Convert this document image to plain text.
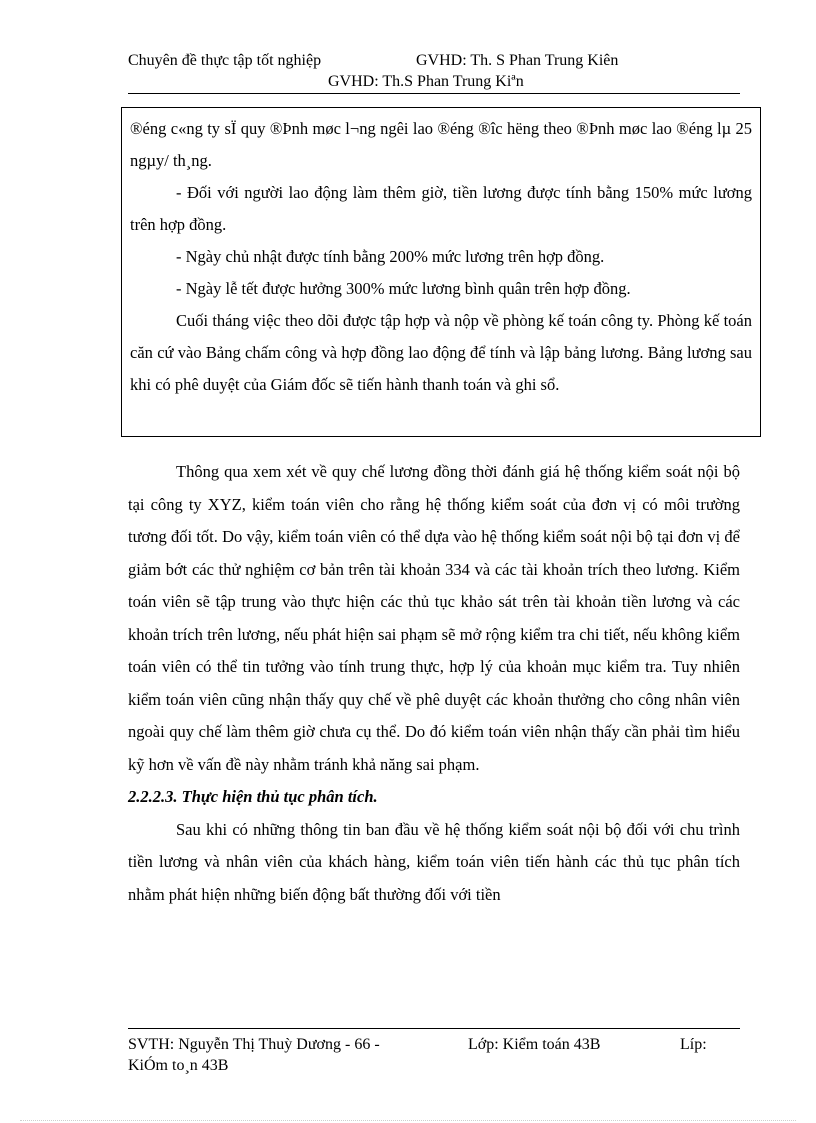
Chuyên đề thực tập tốt nghiệp	GVHD: Th. S Phan Trung Kiên
GVHD: Th.S Phan Trung Kiªn

®éng c«ng ty sÏ quy ®Þnh møc l¬ng ngêi lao ®éng ®îc hëng theo ®Þnh møc lao ®éng lµ 25 ngµy/ th¸ng.

- Đối với người lao động làm thêm giờ, tiền lương được tính bằng 150% mức lương trên hợp đồng.

- Ngày chủ nhật được tính bằng 200% mức lương trên hợp đồng.

- Ngày lễ tết được hưởng 300% mức lương bình quân trên hợp đồng.

Cuối tháng việc theo dõi được tập hợp và nộp về phòng kế toán công ty. Phòng kế toán căn cứ vào Bảng chấm công và hợp đồng lao động để tính và lập bảng lương. Bảng lương sau khi có phê duyệt của Giám đốc sẽ tiến hành thanh toán và ghi sổ.

Thông qua xem xét về quy chế lương đồng thời đánh giá hệ thống kiểm soát nội bộ tại công ty XYZ, kiểm toán viên cho rằng hệ thống kiểm soát của đơn vị có môi trường tương đối tốt. Do vậy, kiểm toán viên có thể dựa vào hệ thống kiểm soát nội bộ tại đơn vị để giảm bớt các thử nghiệm cơ bản trên tài khoản 334 và các tài khoản trích theo lương. Kiểm toán viên sẽ tập trung vào thực hiện các thủ tục khảo sát trên tài khoản tiền lương và các khoản trích trên lương, nếu phát hiện sai phạm sẽ mở rộng kiểm tra chi tiết, nếu không kiểm toán viên có thể tin tưởng vào tính trung thực, hợp lý của khoản mục kiểm tra. Tuy nhiên kiểm toán viên cũng nhận thấy quy chế về phê duyệt các khoản thưởng cho công nhân viên ngoài quy chế làm thêm giờ chưa cụ thể. Do đó kiểm toán viên nhận thấy cần phải tìm hiểu kỹ hơn về vấn đề này nhằm tránh khả năng sai phạm.

2.2.2.3. Thực hiện thủ tục phân tích.

Sau khi có những thông tin ban đầu về hệ thống kiểm soát nội bộ đối với chu trình tiền lương và nhân viên của khách hàng, kiểm toán viên tiến hành các thủ tục phân tích nhằm phát hiện những biến động bất thường đối với tiền

SVTH: Nguyễn Thị Thuỳ Dương - 66 -	Lớp: Kiểm toán 43B	Líp:
KiÓm to¸n 43B
